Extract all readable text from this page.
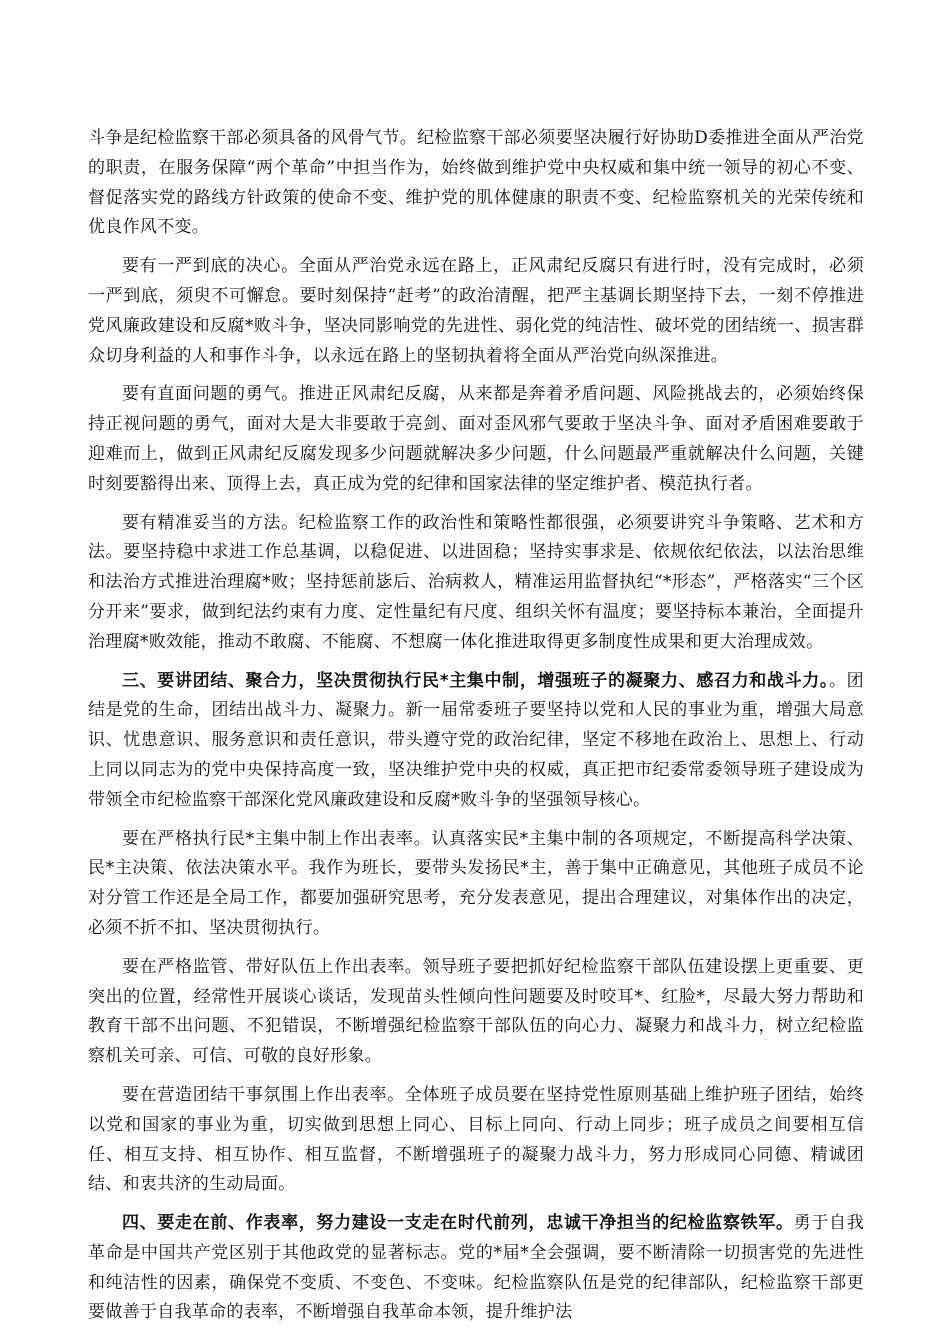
斗争是纪检监察干部必须具备的风骨气节。纪检监察干部必须要坚决履行好协助D委推进全面从严治党的职责，在服务保障“两个革命”中担当作为，始终做到维护党中央权威和集中统一领导的初心不变、督促落实党的路线方针政策的使命不变、维护党的肌体健康的职责不变、纪检监察机关的光荣传统和优良作风不变。

要有一严到底的决心。全面从严治党永远在路上，正风肃纪反腐只有进行时，没有完成时，必须一严到底，须臾不可懈怠。要时刻保持“赶考”的政治清醒，把严主基调长期坚持下去，一刻不停推进党风廉政建设和反腐*败斗争，坚决同影响党的先进性、弱化党的纯洁性、破坏党的团结统一、损害群众切身利益的人和事作斗争，以永远在路上的坚韧执着将全面从严治党向纵深推进。

要有直面问题的勇气。推进正风肃纪反腐，从来都是奔着矛盾问题、风险挑战去的，必须始终保持正视问题的勇气，面对大是大非要敢于亮剑、面对歪风邪气要敢于坚决斗争、面对矛盾困难要敢于迎难而上，做到正风肃纪反腐发现多少问题就解决多少问题，什么问题最严重就解决什么问题，关键时刻要豁得出来、顶得上去，真正成为党的纪律和国家法律的坚定维护者、模范执行者。

要有精准妥当的方法。纪检监察工作的政治性和策略性都很强，必须要讲究斗争策略、艺术和方法。要坚持稳中求进工作总基调，以稳促进、以进固稳；坚持实事求是、依规依纪依法，以法治思维和法治方式推进治理腐*败；坚持惩前毖后、治病救人，精准运用监督执纪“*形态”，严格落实“三个区分开来”要求，做到纪法约束有力度、定性量纪有尺度、组织关怀有温度；要坚持标本兼治，全面提升治理腐*败效能，推动不敢腐、不能腐、不想腐一体化推进取得更多制度性成果和更大治理成效。

三、要讲团结、聚合力，坚决贯彻执行民*主集中制，增强班子的凝聚力、感召力和战斗力。。团结是党的生命，团结出战斗力、凝聚力。新一届常委班子要坚持以党和人民的事业为重，增强大局意识、忧患意识、服务意识和责任意识，带头遵守党的政治纪律，坚定不移地在政治上、思想上、行动上同以同志为的党中央保持高度一致，坚决维护党中央的权威，真正把市纪委常委领导班子建设成为带领全市纪检监察干部深化党风廉政建设和反腐*败斗争的坚强领导核心。

要在严格执行民*主集中制上作出表率。认真落实民*主集中制的各项规定，不断提高科学决策、民*主决策、依法决策水平。我作为班长，要带头发扬民*主，善于集中正确意见，其他班子成员不论对分管工作还是全局工作，都要加强研究思考，充分发表意见，提出合理建议，对集体作出的决定，必须不折不扣、坚决贯彻执行。

要在严格监管、带好队伍上作出表率。领导班子要把抓好纪检监察干部队伍建设摆上更重要、更突出的位置，经常性开展谈心谈话，发现苗头性倾向性问题要及时咬耳*、红脸*，尽最大努力帮助和教育干部不出问题、不犯错误，不断增强纪检监察干部队伍的向心力、凝聚力和战斗力，树立纪检监察机关可亲、可信、可敬的良好形象。

要在营造团结干事氛围上作出表率。全体班子成员要在坚持党性原则基础上维护班子团结，始终以党和国家的事业为重，切实做到思想上同心、目标上同向、行动上同步；班子成员之间要相互信任、相互支持、相互协作、相互监督，不断增强班子的凝聚力战斗力，努力形成同心同德、精诚团结、和衷共济的生动局面。

四、要走在前、作表率，努力建设一支走在时代前列，忠诚干净担当的纪检监察铁军。勇于自我革命是中国共产党区别于其他政党的显著标志。党的*届*全会强调，要不断清除一切损害党的先进性和纯洁性的因素，确保党不变质、不变色、不变味。纪检监察队伍是党的纪律部队，纪检监察干部更要做善于自我革命的表率，不断增强自我革命本领，提升维护法
